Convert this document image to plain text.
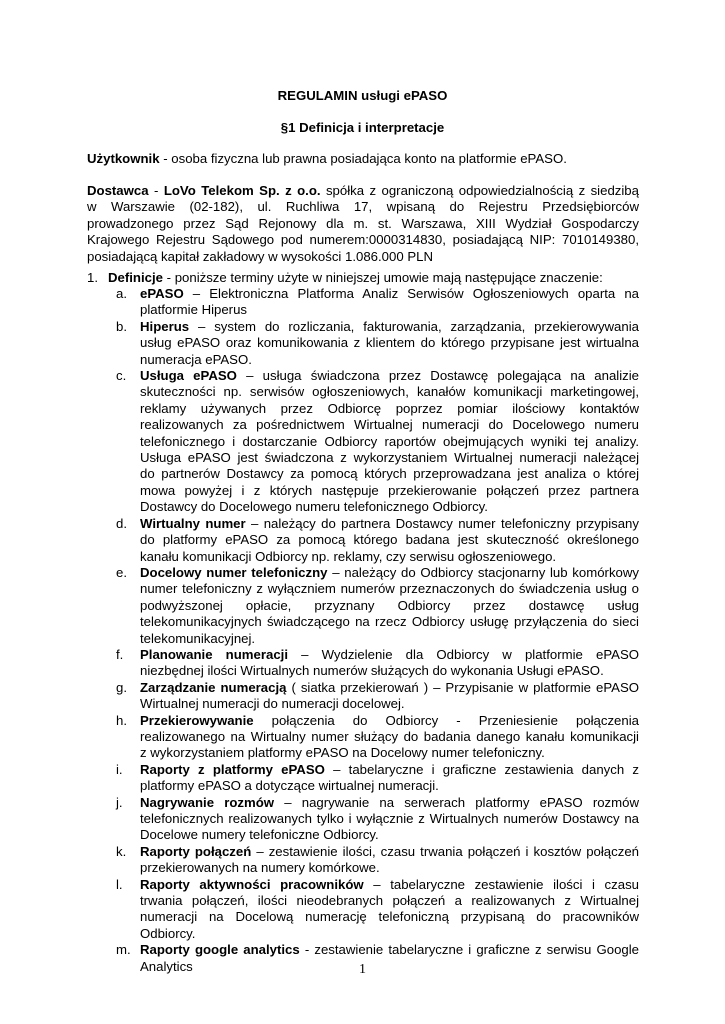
REGULAMIN usługi ePASO
§1 Definicja i interpretacje
Użytkownik - osoba fizyczna lub prawna posiadająca konto na platformie ePASO.
Dostawca - LoVo Telekom Sp. z o.o. spółka z ograniczoną odpowiedzialnością z siedzibą
w Warszawie (02-182), ul. Ruchliwa 17, wpisaną do Rejestru Przedsiębiorców
prowadzonego przez Sąd Rejonowy dla m. st. Warszawa, XIII Wydział Gospodarczy
Krajowego Rejestru Sądowego pod numerem:0000314830, posiadającą NIP: 7010149380,
posiadającą kapitał zakładowy w wysokości 1.086.000 PLN
1. Definicje - poniższe terminy użyte w niniejszej umowie mają następujące znaczenie:
a. ePASO – Elektroniczna Platforma Analiz Serwisów Ogłoszeniowych oparta na
platformie Hiperus
b. Hiperus – system do rozliczania, fakturowania, zarządzania, przekierowywania
usług ePASO oraz komunikowania z klientem do którego przypisane jest wirtualna
numeracja ePASO.
c. Usługa ePASO – usługa świadczona przez Dostawcę polegająca na analizie
skuteczności np. serwisów ogłoszeniowych, kanałów komunikacji marketingowej,
reklamy używanych przez Odbiorcę poprzez pomiar ilościowy kontaktów
realizowanych za pośrednictwem Wirtualnej numeracji do Docelowego numeru
telefonicznego i dostarczanie Odbiorcy raportów obejmujących wyniki tej analizy.
Usługa ePASO jest świadczona z wykorzystaniem Wirtualnej numeracji należącej
do partnerów Dostawcy za pomocą których przeprowadzana jest analiza o której
mowa powyżej i z których następuje przekierowanie połączeń przez partnera
Dostawcy do Docelowego numeru telefonicznego Odbiorcy.
d. Wirtualny numer – należący do partnera Dostawcy numer telefoniczny przypisany
do platformy ePASO za pomocą którego badana jest skuteczność określonego
kanału komunikacji Odbiorcy np. reklamy, czy serwisu ogłoszeniowego.
e. Docelowy numer telefoniczny – należący do Odbiorcy stacjonarny lub komórkowy
numer telefoniczny z wyłączniem numerów przeznaczonych do świadczenia usług o
podwyższonej opłacie, przyznany Odbiorcy przez dostawcę usług
telekomunikacyjnych świadczącego na rzecz Odbiorcy usługę przyłączenia do sieci
telekomunikacyjnej.
f. Planowanie numeracji – Wydzielenie dla Odbiorcy w platformie ePASO
niezbędnej ilości Wirtualnych numerów służących do wykonania Usługi ePASO.
g. Zarządzanie numeracją ( siatka przekierowań ) – Przypisanie w platformie ePASO
Wirtualnej numeracji do numeracji docelowej.
h. Przekierowywanie połączenia do Odbiorcy - Przeniesienie połączenia
realizowanego na Wirtualny numer służący do badania danego kanału komunikacji
z wykorzystaniem platformy ePASO na Docelowy numer telefoniczny.
i. Raporty z platformy ePASO – tabelaryczne i graficzne zestawienia danych z
platformy ePASO a dotyczące wirtualnej numeracji.
j. Nagrywanie rozmów – nagrywanie na serwerach platformy ePASO rozmów
telefonicznych realizowanych tylko i wyłącznie z Wirtualnych numerów Dostawcy na
Docelowe numery telefoniczne Odbiorcy.
k. Raporty połączeń – zestawienie ilości, czasu trwania połączeń i kosztów połączeń
przekierowanych na numery komórkowe.
l. Raporty aktywności pracowników – tabelaryczne zestawienie ilości i czasu
trwania połączeń, ilości nieodebranych połączeń a realizowanych z Wirtualnej
numeracji na Docelową numerację telefoniczną przypisaną do pracowników
Odbiorcy.
m. Raporty google analytics - zestawienie tabelaryczne i graficzne z serwisu Google
Analytics	1
